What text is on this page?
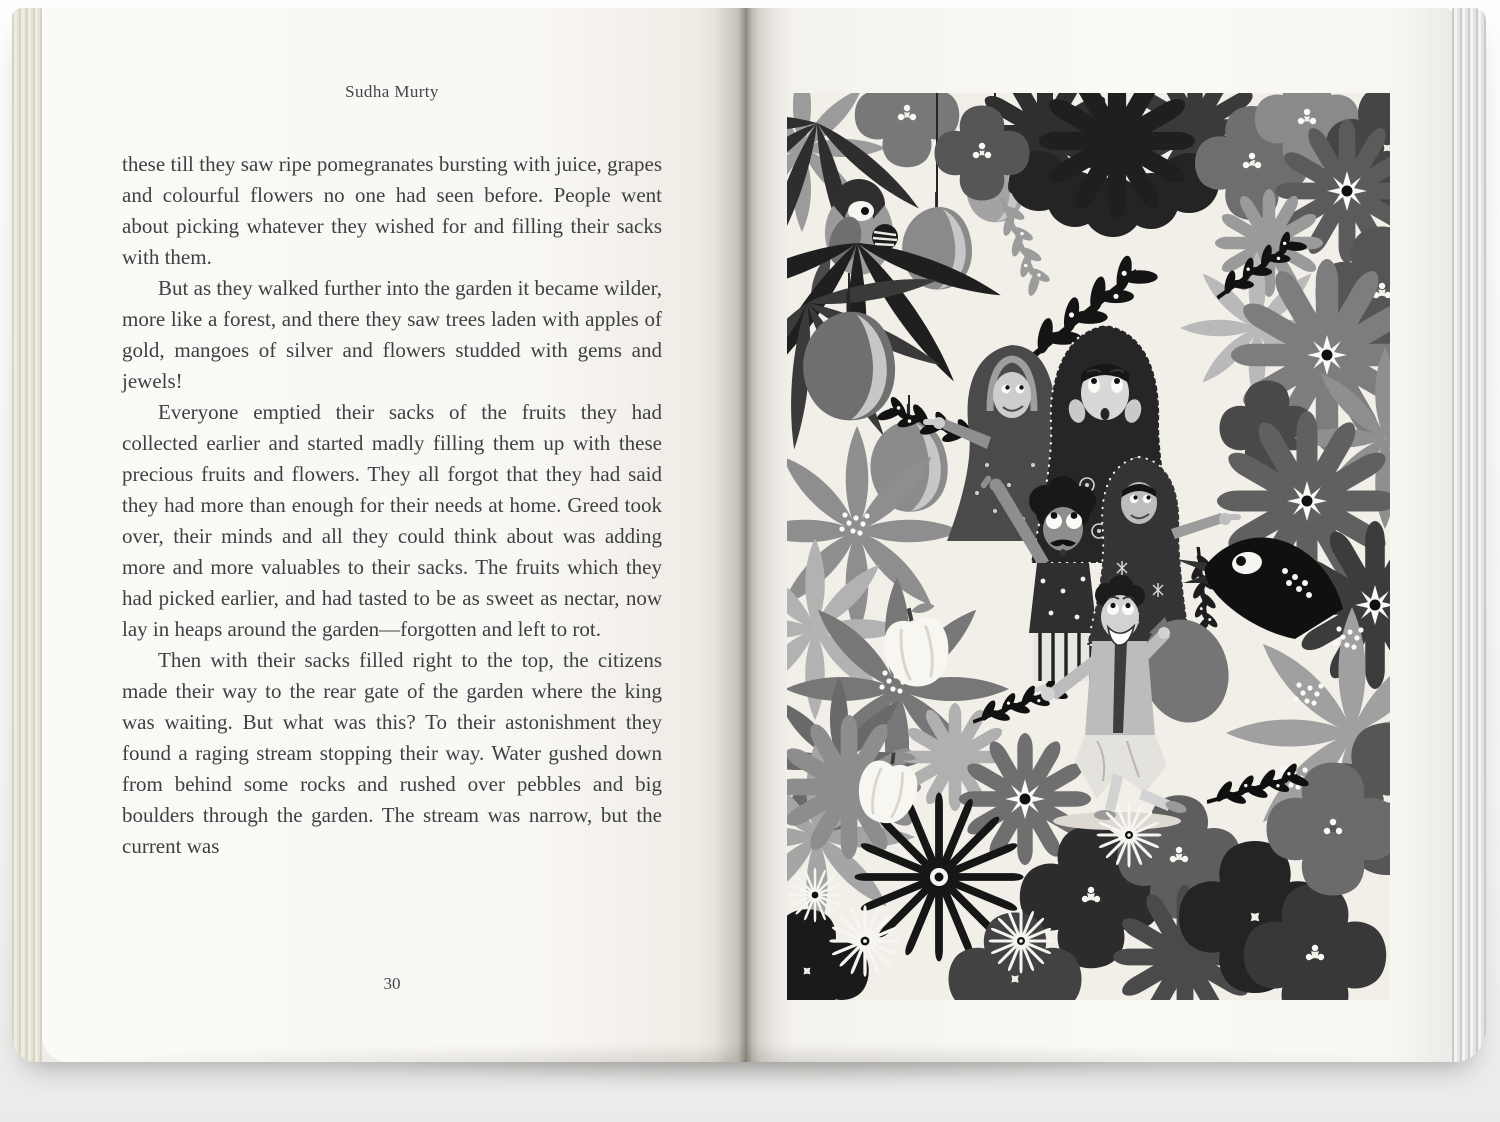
Sudha Murty

these till they saw ripe pomegranates bursting with juice, grapes and colourful flowers no one had seen before. People went about picking whatever they wished for and filling their sacks with them.

But as they walked further into the garden it became wilder, more like a forest, and there they saw trees laden with apples of gold, mangoes of silver and flowers studded with gems and jewels!

Everyone emptied their sacks of the fruits they had collected earlier and started madly filling them up with these precious fruits and flowers. They all forgot that they had said they had more than enough for their needs at home. Greed took over, their minds and all they could think about was adding more and more valuables to their sacks. The fruits which they had picked earlier, and had tasted to be as sweet as nectar, now lay in heaps around the garden—forgotten and left to rot.

Then with their sacks filled right to the top, the citizens made their way to the rear gate of the garden where the king was waiting. But what was this? To their astonishment they found a raging stream stopping their way. Water gushed down from behind some rocks and rushed over pebbles and big boulders through the garden. The stream was narrow, but the current was

30
